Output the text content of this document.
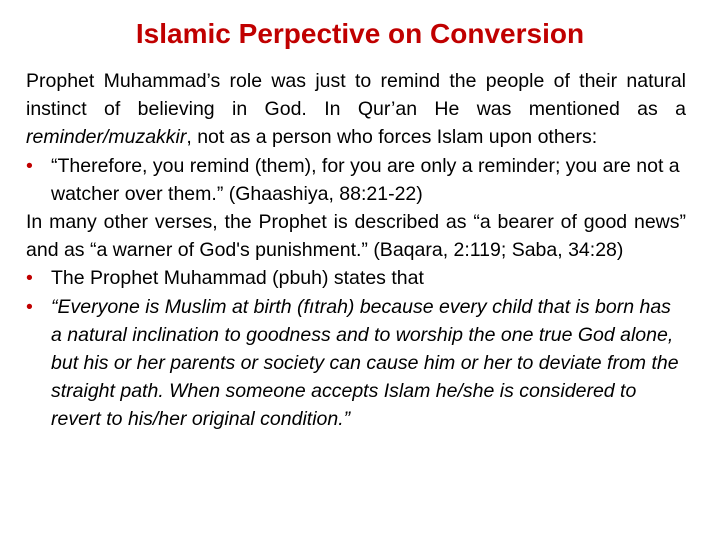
Islamic Perpective on Conversion

Prophet Muhammad’s role was just to remind the people of their natural instinct of believing in God. In Qur’an He was mentioned as a reminder/muzakkir, not as a person who forces Islam upon others:

• “Therefore, you remind (them), for you are only a reminder; you are not a watcher over them.” (Ghaashiya, 88:21-22)

In many other verses, the Prophet is described as “a bearer of good news” and as “a warner of God's punishment.” (Baqara, 2:119; Saba, 34:28)

• The Prophet Muhammad (pbuh) states that

• “Everyone is Muslim at birth (fıtrah) because every child that is born has a natural inclination to goodness and to worship the one true God alone, but his or her parents or society can cause him or her to deviate from the straight path. When someone accepts Islam he/she is considered to revert to his/her original condition.”
